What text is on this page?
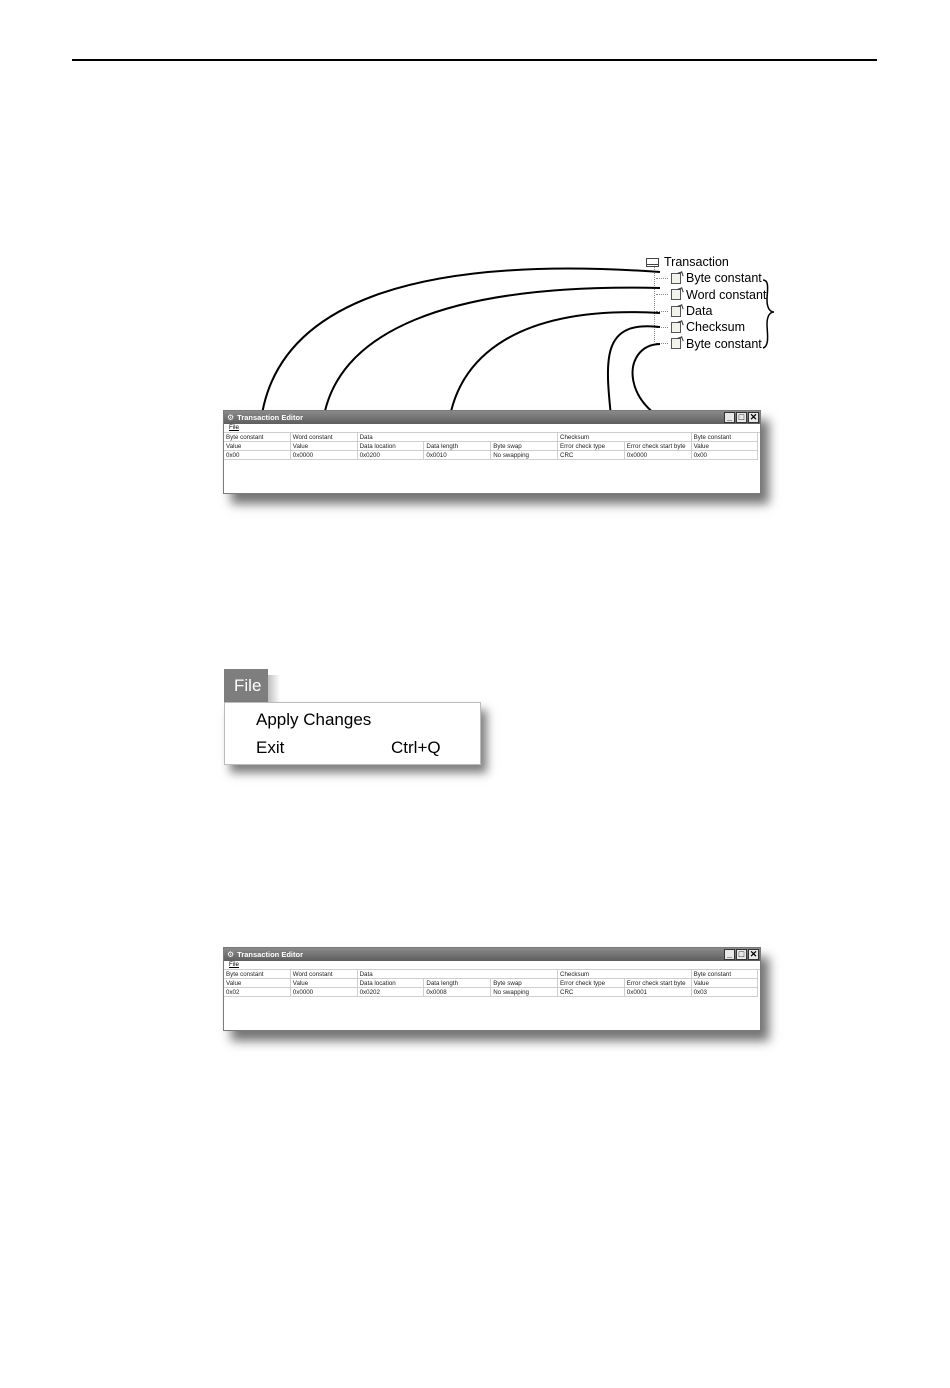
Transaction
Byte constant
Word constant
Data
Checksum
Byte constant
⚙ Transaction Editor	_ □ ✕
File
Byte constant	Word constant	Data	Checksum	Byte constant
Value	Value	Data location	Data length	Byte swap	Error check type	Error check start byte	Value
0x00	0x0000	0x0200	0x0010	No swapping	CRC	0x0000	0x00
File
Apply Changes
Exit	Ctrl+Q
⚙ Transaction Editor	_ □ ✕
File
Byte constant	Word constant	Data	Checksum	Byte constant
Value	Value	Data location	Data length	Byte swap	Error check type	Error check start byte	Value
0x02	0x0000	0x0202	0x0008	No swapping	CRC	0x0001	0x03
